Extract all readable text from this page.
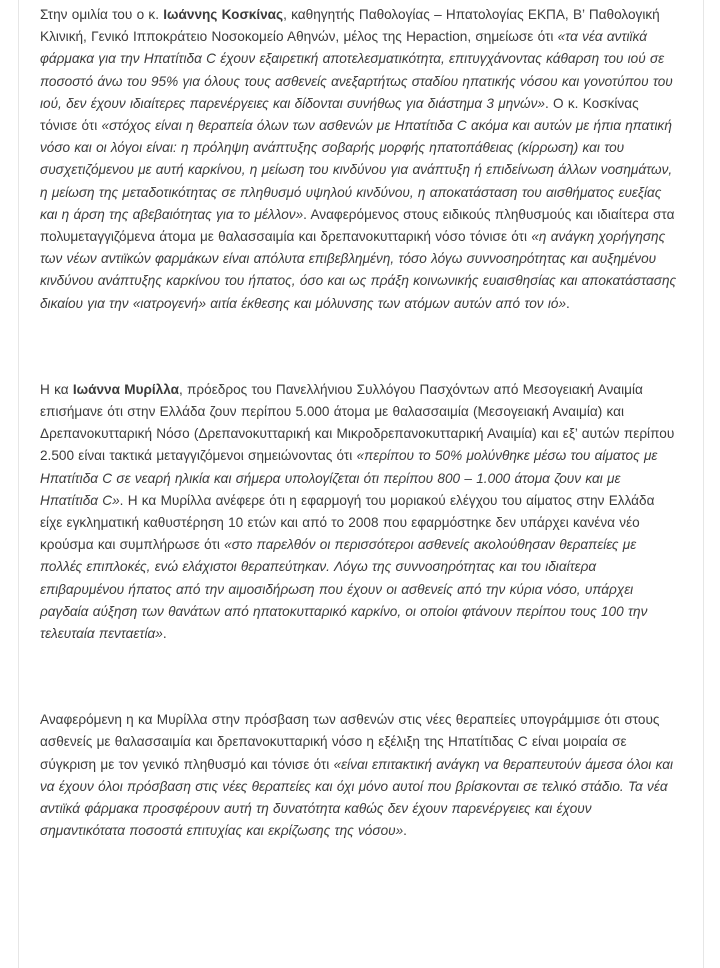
Στην ομιλία του ο κ. Ιωάννης Κοσκίνας, καθηγητής Παθολογίας – Ηπατολογίας ΕΚΠΑ, Β’ Παθολογική Κλινική, Γενικό Ιπποκράτειο Νοσοκομείο Αθηνών, μέλος της Hepaction, σημείωσε ότι «τα νέα αντιϊκά φάρμακα για την Ηπατίτιδα C έχουν εξαιρετική αποτελεσματικότητα, επιτυγχάνοντας κάθαρση του ιού σε ποσοστό άνω του 95% για όλους τους ασθενείς ανεξαρτήτως σταδίου ηπατικής νόσου και γονοτύπου του ιού, δεν έχουν ιδιαίτερες παρενέργειες και δίδονται συνήθως για διάστημα 3 μηνών». Ο κ. Κοσκίνας τόνισε ότι «στόχος είναι η θεραπεία όλων των ασθενών με Ηπατίτιδα C ακόμα και αυτών με ήπια ηπατική νόσο και οι λόγοι είναι: η πρόληψη ανάπτυξης σοβαρής μορφής ηπατοπάθειας (κίρρωση) και του συσχετιζόμενου με αυτή καρκίνου, η μείωση του κινδύνου για ανάπτυξη ή επιδείνωση άλλων νοσημάτων, η μείωση της μεταδοτικότητας σε πληθυσμό υψηλού κινδύνου, η αποκατάσταση του αισθήματος ευεξίας και η άρση της αβεβαιότητας για το μέλλον». Αναφερόμενος στους ειδικούς πληθυσμούς και ιδιαίτερα στα πολυμεταγγιζόμενα άτομα με θαλασσαιμία και δρεπανοκυτταρική νόσο τόνισε ότι «η ανάγκη χορήγησης των νέων αντιϊκών φαρμάκων είναι απόλυτα επιβεβλημένη, τόσο λόγω συννοσηρότητας και αυξημένου κινδύνου ανάπτυξης καρκίνου του ήπατος, όσο και ως πράξη κοινωνικής ευαισθησίας και αποκατάστασης δικαίου για την «ιατρογενή» αιτία έκθεσης και μόλυνσης των ατόμων αυτών από τον ιό».

Η κα Ιωάννα Μυρίλλα, πρόεδρος του Πανελλήνιου Συλλόγου Πασχόντων από Μεσογειακή Αναιμία επισήμανε ότι στην Ελλάδα ζουν περίπου 5.000 άτομα με θαλασσαιμία (Μεσογειακή Αναιμία) και Δρεπανοκυτταρική Νόσο (Δρεπανοκυτταρική και Μικροδρεπανοκυτταρική Αναιμία) και εξ’ αυτών περίπου 2.500 είναι τακτικά μεταγγιζόμενοι σημειώνοντας ότι «περίπου το 50% μολύνθηκε μέσω του αίματος με Ηπατίτιδα C σε νεαρή ηλικία και σήμερα υπολογίζεται ότι περίπου 800 – 1.000 άτομα ζουν και με Ηπατίτιδα C». Η κα Μυρίλλα ανέφερε ότι η εφαρμογή του μοριακού ελέγχου του αίματος στην Ελλάδα είχε εγκληματική καθυστέρηση 10 ετών και από το 2008 που εφαρμόστηκε δεν υπάρχει κανένα νέο κρούσμα και συμπλήρωσε ότι «στο παρελθόν οι περισσότεροι ασθενείς ακολούθησαν θεραπείες με πολλές επιπλοκές, ενώ ελάχιστοι θεραπεύτηκαν. Λόγω της συννοσηρότητας και του ιδιαίτερα επιβαρυμένου ήπατος από την αιμοσιδήρωση που έχουν οι ασθενείς από την κύρια νόσο, υπάρχει ραγδαία αύξηση των θανάτων από ηπατοκυτταρικό καρκίνο, οι οποίοι φτάνουν περίπου τους 100 την τελευταία πενταετία».

Αναφερόμενη η κα Μυρίλλα στην πρόσβαση των ασθενών στις νέες θεραπείες υπογράμμισε ότι στους ασθενείς με θαλασσαιμία και δρεπανοκυτταρική νόσο η εξέλιξη της Ηπατίτιδας C είναι μοιραία σε σύγκριση με τον γενικό πληθυσμό και τόνισε ότι «είναι επιτακτική ανάγκη να θεραπευτούν άμεσα όλοι και να έχουν όλοι πρόσβαση στις νέες θεραπείες και όχι μόνο αυτοί που βρίσκονται σε τελικό στάδιο. Τα νέα αντιϊκά φάρμακα προσφέρουν αυτή τη δυνατότητα καθώς δεν έχουν παρενέργειες και έχουν σημαντικότατα ποσοστά επιτυχίας και εκρίζωσης της νόσου».
